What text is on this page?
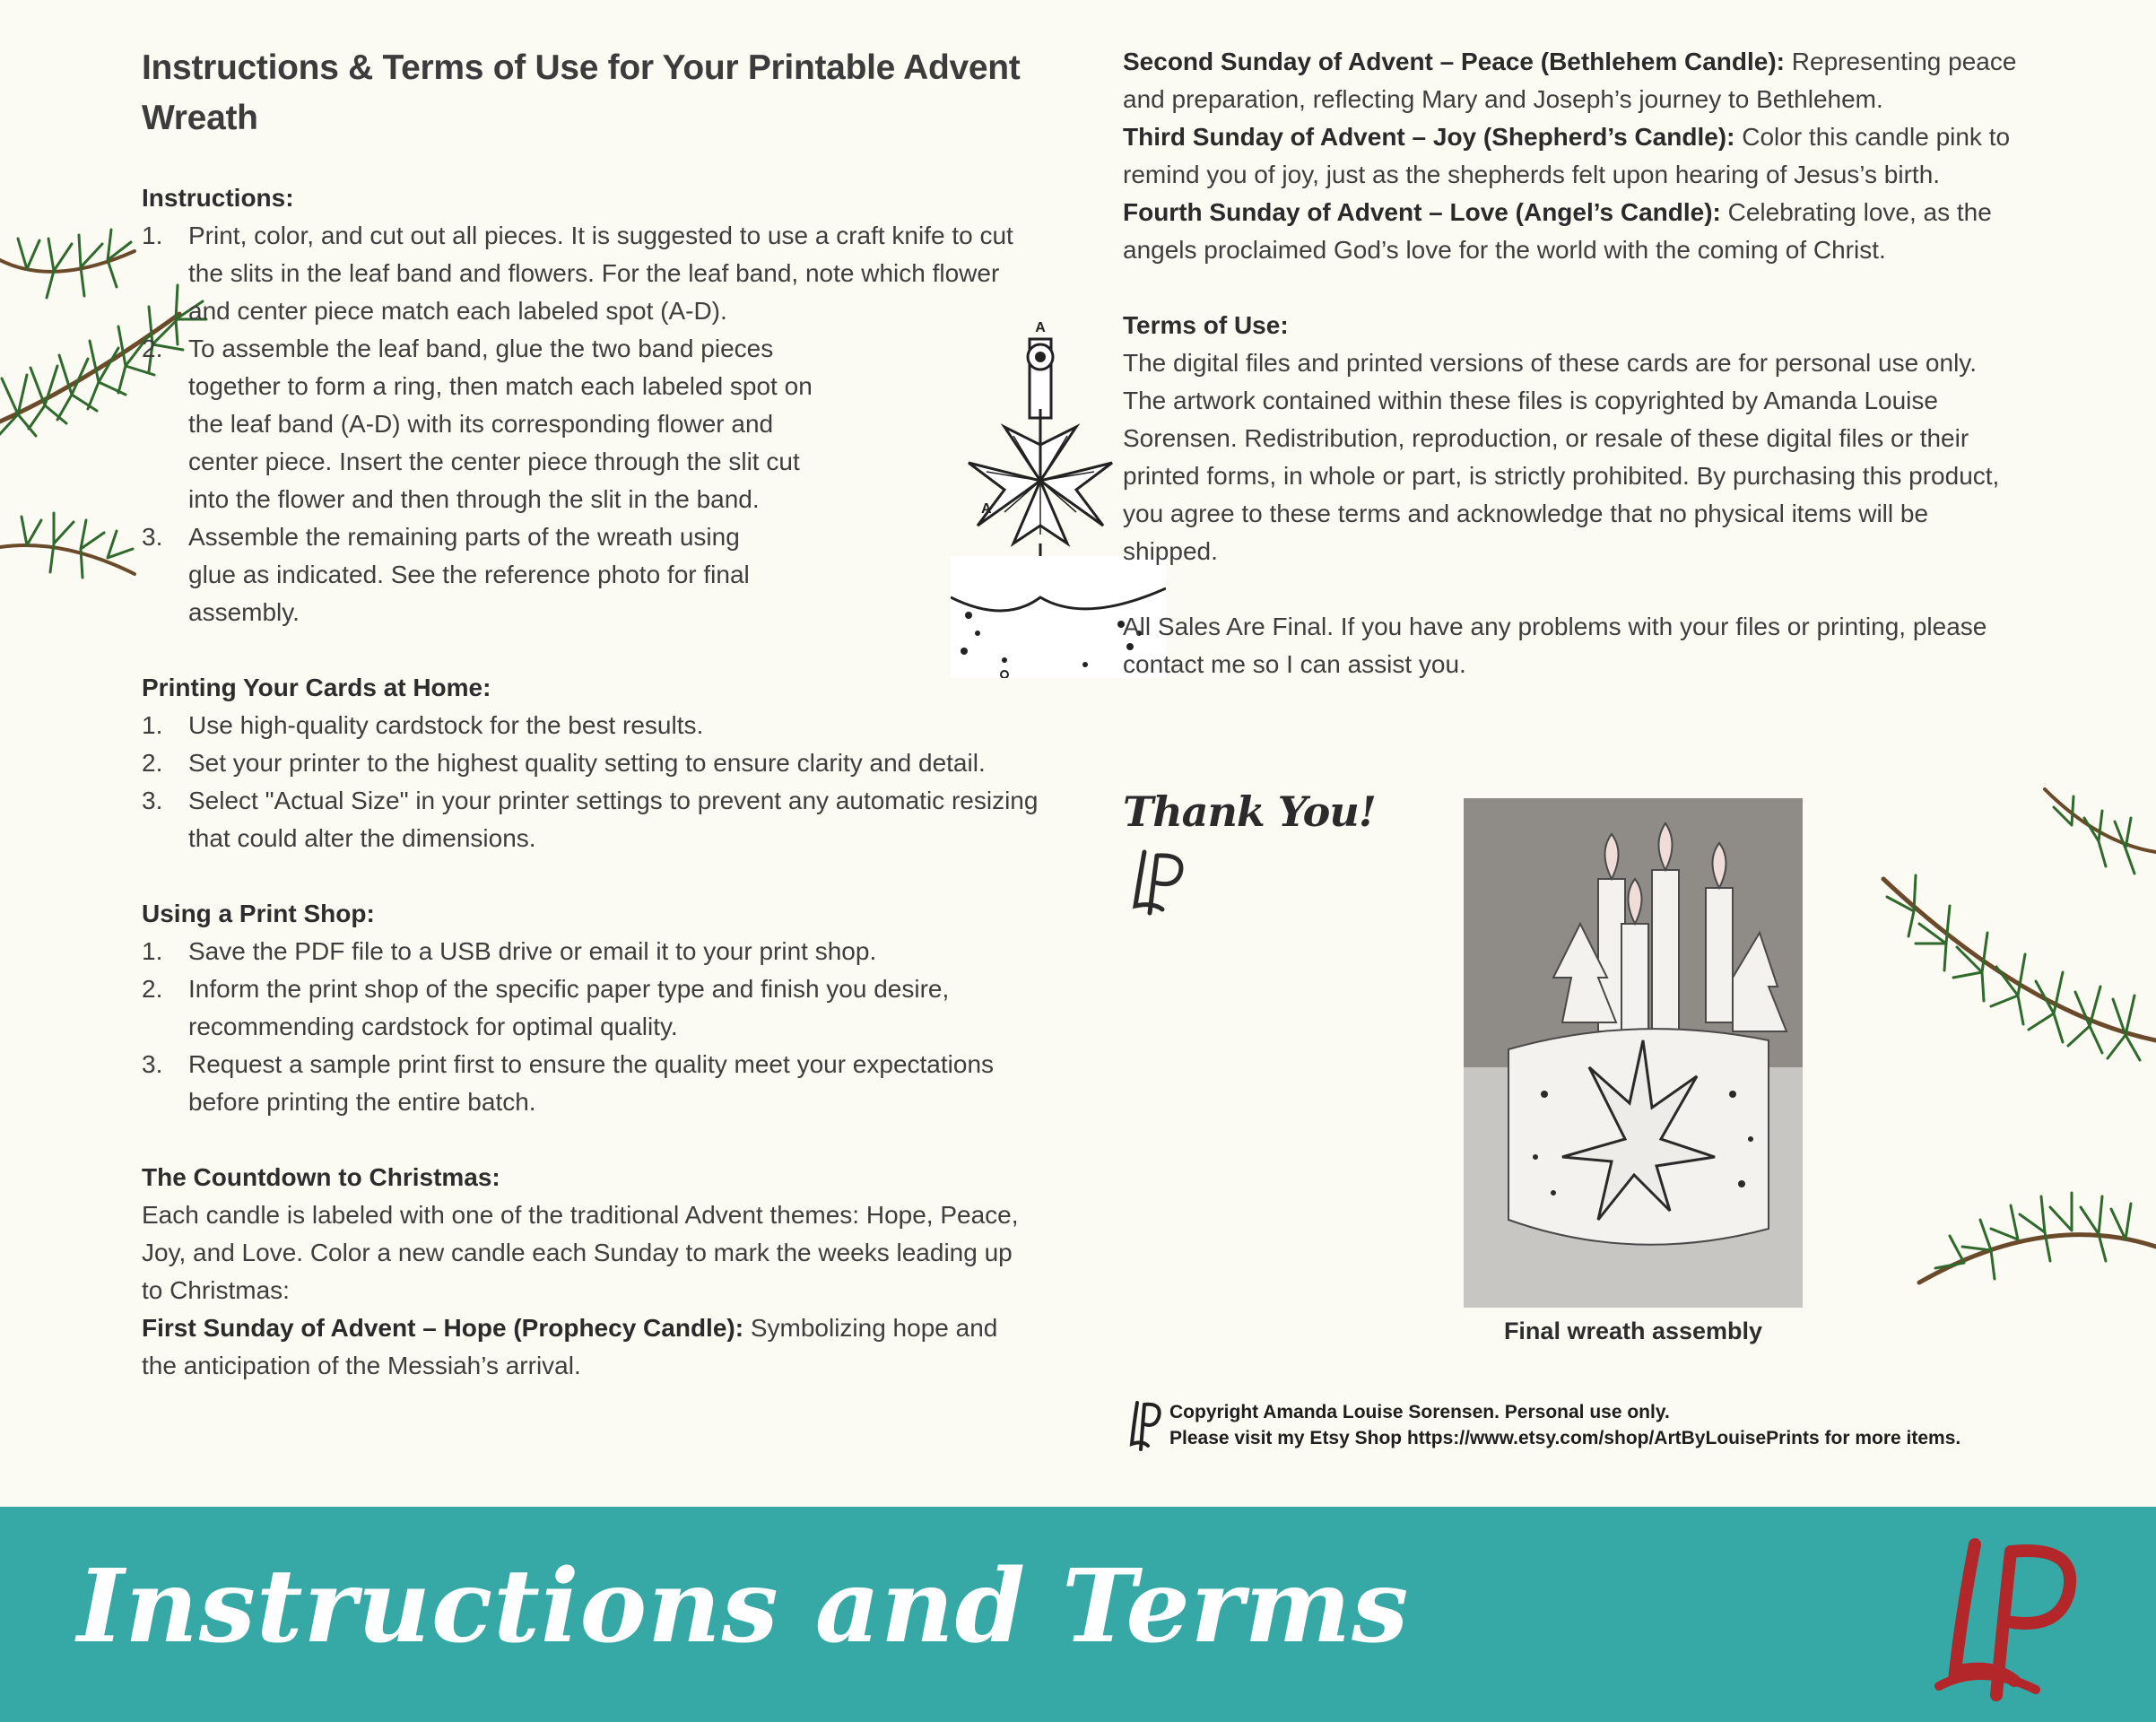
Instructions & Terms of Use for Your Printable Advent Wreath

Instructions:

1. Print, color, and cut out all pieces. It is suggested to use a craft knife to cut the slits in the leaf band and flowers. For the leaf band, note which flower and center piece match each labeled spot (A-D).
2. To assemble the leaf band, glue the two band pieces together to form a ring, then match each labeled spot on the leaf band (A-D) with its corresponding flower and center piece. Insert the center piece through the slit cut into the flower and then through the slit in the band.
3. Assemble the remaining parts of the wreath using glue as indicated. See the reference photo for final assembly.

Printing Your Cards at Home:

1. Use high-quality cardstock for the best results.
2. Set your printer to the highest quality setting to ensure clarity and detail.
3. Select "Actual Size" in your printer settings to prevent any automatic resizing that could alter the dimensions.

Using a Print Shop:

1. Save the PDF file to a USB drive or email it to your print shop.
2. Inform the print shop of the specific paper type and finish you desire, recommending cardstock for optimal quality.
3. Request a sample print first to ensure the quality meet your expectations before printing the entire batch.

The Countdown to Christmas:

Each candle is labeled with one of the traditional Advent themes: Hope, Peace, Joy, and Love. Color a new candle each Sunday to mark the weeks leading up to Christmas:

First Sunday of Advent – Hope (Prophecy Candle): Symbolizing hope and the anticipation of the Messiah’s arrival.

A
A

Second Sunday of Advent – Peace (Bethlehem Candle): Representing peace and preparation, reflecting Mary and Joseph’s journey to Bethlehem.

Third Sunday of Advent – Joy (Shepherd’s Candle): Color this candle pink to remind you of joy, just as the shepherds felt upon hearing of Jesus’s birth.

Fourth Sunday of Advent – Love (Angel’s Candle): Celebrating love, as the angels proclaimed God’s love for the world with the coming of Christ.

Terms of Use:

The digital files and printed versions of these cards are for personal use only. The artwork contained within these files is copyrighted by Amanda Louise Sorensen. Redistribution, reproduction, or resale of these digital files or their printed forms, in whole or part, is strictly prohibited. By purchasing this product, you agree to these terms and acknowledge that no physical items will be shipped.

All Sales Are Final. If you have any problems with your files or printing, please contact me so I can assist you.

Thank You!
Final wreath assembly
Copyright Amanda Louise Sorensen. Personal use only.
Please visit my Etsy Shop https://www.etsy.com/shop/ArtByLouisePrints for more items.
Instructions and Terms
